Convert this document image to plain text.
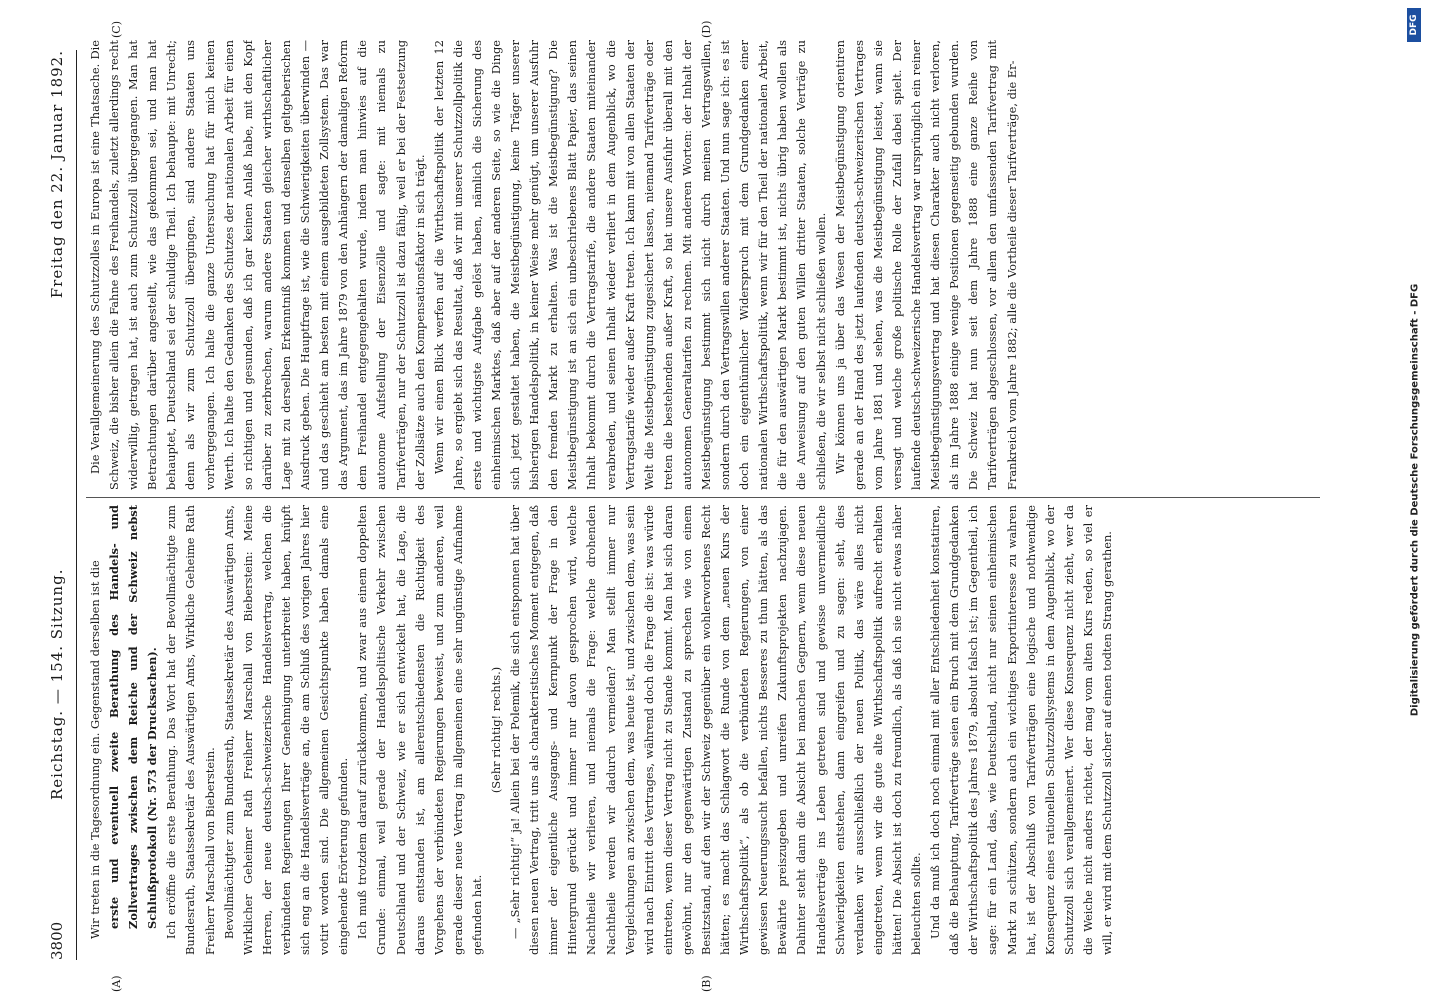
3800
Reichstag. — 154. Sitzung.
Freitag den 22. Januar 1892.
(A)	(B)
(C)	(D)

Wir treten in die Tagesordnung ein. Gegenstand derselben ist die erste und eventuell zweite Berathung des Handels- und Zollvertrages zwischen dem Reiche und der Schweiz nebst Schlußprotokoll (Nr. 573 der Drucksachen). Ich eröffne die erste Berathung. Das Wort hat der Bevollmächtigte zum Bundesrath, Staatssekretär des Auswärtigen Amts, Wirkliche Geheime Rath Freiherr Marschall von Bieberstein. Bevollmächtigter zum Bundesrath, Staatssekretär des Auswärtigen Amts, Wirklicher Geheimer Rath Freiherr Marschall von Bieberstein: Meine Herren, der neue deutsch-schweizerische Handelsvertrag, welchen die verbündeten Regierungen Ihrer Genehmigung unterbreitet haben, knüpft sich eng an die Handelsverträge an, die am Schluß des vorigen Jahres hier votirt worden sind. Die allgemeinen Gesichtspunkte haben damals eine eingehende Erörterung gefunden. Ich muß trotzdem darauf zurückkommen, und zwar aus einem doppelten Grunde: einmal, weil gerade der Handelspolitische Verkehr zwischen Deutschland und der Schweiz, wie er sich entwickelt hat, die Lage, die daraus entstanden ist, am allerentschiedensten die Richtigkeit des Vorgehens der verbündeten Regierungen beweist, und zum anderen, weil gerade dieser neue Vertrag im allgemeinen eine sehr ungünstige Aufnahme gefunden hat.

(Sehr richtig! rechts.) — „Sehr richtig!“ ja! Allein bei der Polemik, die sich entsponnen hat über diesen neuen Vertrag, tritt uns als charakteristisches Moment entgegen, daß immer der eigentliche Ausgangs- und Kernpunkt der Frage in den Hintergrund gerückt und immer nur davon gesprochen wird, welche Nachtheile wir verlieren, und niemals die Frage: welche drohenden Nachtheile werden wir dadurch vermeiden? Man stellt immer nur Vergleichungen an zwischen dem, was heute ist, und zwischen dem, was sein wird nach Eintritt des Vertrages, während doch die Frage die ist: was würde eintreten, wenn dieser Vertrag nicht zu Stande kommt. Man hat sich daran gewöhnt, nur den gegenwärtigen Zustand zu sprechen wie von einem Besitzstand, auf den wir der Schweiz gegenüber ein wohlerworbenes Recht hätten; es macht das Schlagwort die Runde von dem „neuen Kurs der Wirthschaftspolitik“, als ob die verbündeten Regierungen, von einer gewissen Neuerungssucht befallen, nichts Besseres zu thun hätten, als das Bewährte preiszugeben und unreifen Zukunftsprojekten nachzujagen. Dahinter steht dann die Absicht bei manchen Gegnern, wenn diese neuen Handelsverträge ins Leben getreten sind und gewisse unvermeidliche Schwierigkeiten entstehen, dann eingreifen und zu sagen: seht, dies verdanken wir ausschließlich der neuen Politik, das wäre alles nicht eingetreten, wenn wir die gute alte Wirthschaftspolitik aufrecht erhalten hätten! Die Absicht ist doch zu freundlich, als daß ich sie nicht etwas näher beleuchten sollte. Und da muß ich doch noch einmal mit aller Entschiedenheit konstatiren, daß die Behauptung, Tarifverträge seien ein Bruch mit dem Grundgedanken der Wirthschaftspolitik des Jahres 1879, absolut falsch ist; im Gegentheil, ich sage: für ein Land, das, wie Deutschland, nicht nur seinen einheimischen Markt zu schützen, sondern auch ein wichtiges Exportinteresse zu wahren hat, ist der Abschluß von Tarifverträgen eine logische und nothwendige Konsequenz eines rationellen Schutzzollsystems in dem Augenblick, wo der Schutzzoll sich verallgemeinert. Wer diese Konsequenz nicht zieht, wer da die Weiche nicht anders richtet, der mag vom alten Kurs reden, so viel er will, er wird mit dem Schutzzoll sicher auf einen todten Strang gerathen.

Die Verallgemeinerung des Schutzzolles in Europa ist eine Thatsache. Die Schweiz, die bisher allein die Fahne des Freihandels, zuletzt allerdings recht widerwillig, getragen hat, ist auch zum Schutzzoll übergegangen. Man hat Betrachtungen darüber angestellt, wie das gekommen sei, und man hat behauptet, Deutschland sei der schuldige Theil. Ich behaupte: mit Unrecht; denn als wir zum Schutzzoll übergingen, sind andere Staaten uns vorhergegangen. Ich halte die ganze Untersuchung hat für mich keinen Werth. Ich halte den Gedanken des Schutzes der nationalen Arbeit für einen so richtigen und gesunden, daß ich gar keinen Anlaß habe, mit den Kopf darüber zu zerbrechen, warum andere Staaten gleicher wirthschaftlicher Lage mit zu derselben Erkenntniß kommen und denselben geltgeberischen Ausdruck geben. Die Hauptfrage ist, wie die Schwierigkeiten überwinden — und das geschieht am besten mit einem ausgebildeten Zollsystem. Das war das Argument, das im Jahre 1879 von den Anhängern der damaligen Reform dem Freihandel entgegengehalten wurde, indem man hinwies auf die autonome Aufstellung der Eisenzölle und sagte: mit niemals zu Tarifverträgen, nur der Schutzzoll ist dazu fähig, weil er bei der Festsetzung der Zollsätze auch den Kompensationsfaktor in sich trägt. Wenn wir einen Blick werfen auf die Wirthschaftspolitik der letzten 12 Jahre, so ergiebt sich das Resultat, daß wir mit unserer Schutzzollpolitik die erste und wichtigste Aufgabe gelöst haben, nämlich die Sicherung des einheimischen Marktes, daß aber auf der anderen Seite, so wie die Dinge sich jetzt gestaltet haben, die Meistbegünstigung, keine Träger unserer bisherigen Handelspolitik, in keiner Weise mehr genügt, um unserer Ausfuhr den fremden Markt zu erhalten. Was ist die Meistbegünstigung? Die Meistbegünstigung ist an sich ein unbeschriebenes Blatt Papier, das seinen Inhalt bekommt durch die Vertragstarife, die andere Staaten miteinander verabreden, und seinen Inhalt wieder verliert in dem Augenblick, wo die Vertragstarife wieder außer Kraft treten. Ich kann mit von allen Staaten der Welt die Meistbegünstigung zugesichert lassen, niemand Tarifverträge oder treten die bestehenden außer Kraft, so hat unsere Ausfuhr überall mit den autonomen Generaltarifen zu rechnen. Mit anderen Worten: der Inhalt der Meistbegünstigung bestimmt sich nicht durch meinen Vertragswillen, sondern durch den Vertragswillen anderer Staaten. Und nun sage ich: es ist doch ein eigenthümlicher Widerspruch mit dem Grundgedanken einer nationalen Wirthschaftspolitik, wenn wir für den Theil der nationalen Arbeit, die für den auswärtigen Markt bestimmt ist, nichts übrig haben wollen als die Anweisung auf den guten Willen dritter Staaten, solche Verträge zu schließen, die wir selbst nicht schließen wollen. Wir können uns ja über das Wesen der Meistbegünstigung orientiren gerade an der Hand des jetzt laufenden deutsch-schweizerischen Vertrages vom Jahre 1881 und sehen, was die Meistbegünstigung leistet, wann sie versagt und welche große politische Rolle der Zufall dabei spielt. Der laufende deutsch-schweizerische Handelsvertrag war ursprünglich ein reiner Meistbegünstigungsvertrag und hat diesen Charakter auch nicht verloren, als im Jahre 1888 einige wenige Positionen gegenseitig gebunden wurden. Die Schweiz hat nun seit dem Jahre 1888 eine ganze Reihe von Tarifverträgen abgeschlossen, vor allem den umfassenden Tarifvertrag mit Frankreich vom Jahre 1882; alle die Vortheile dieser Tarifverträge, die Er-

DFG
Digitalisierung gefördert durch die Deutsche Forschungsgemeinschaft - DFG
